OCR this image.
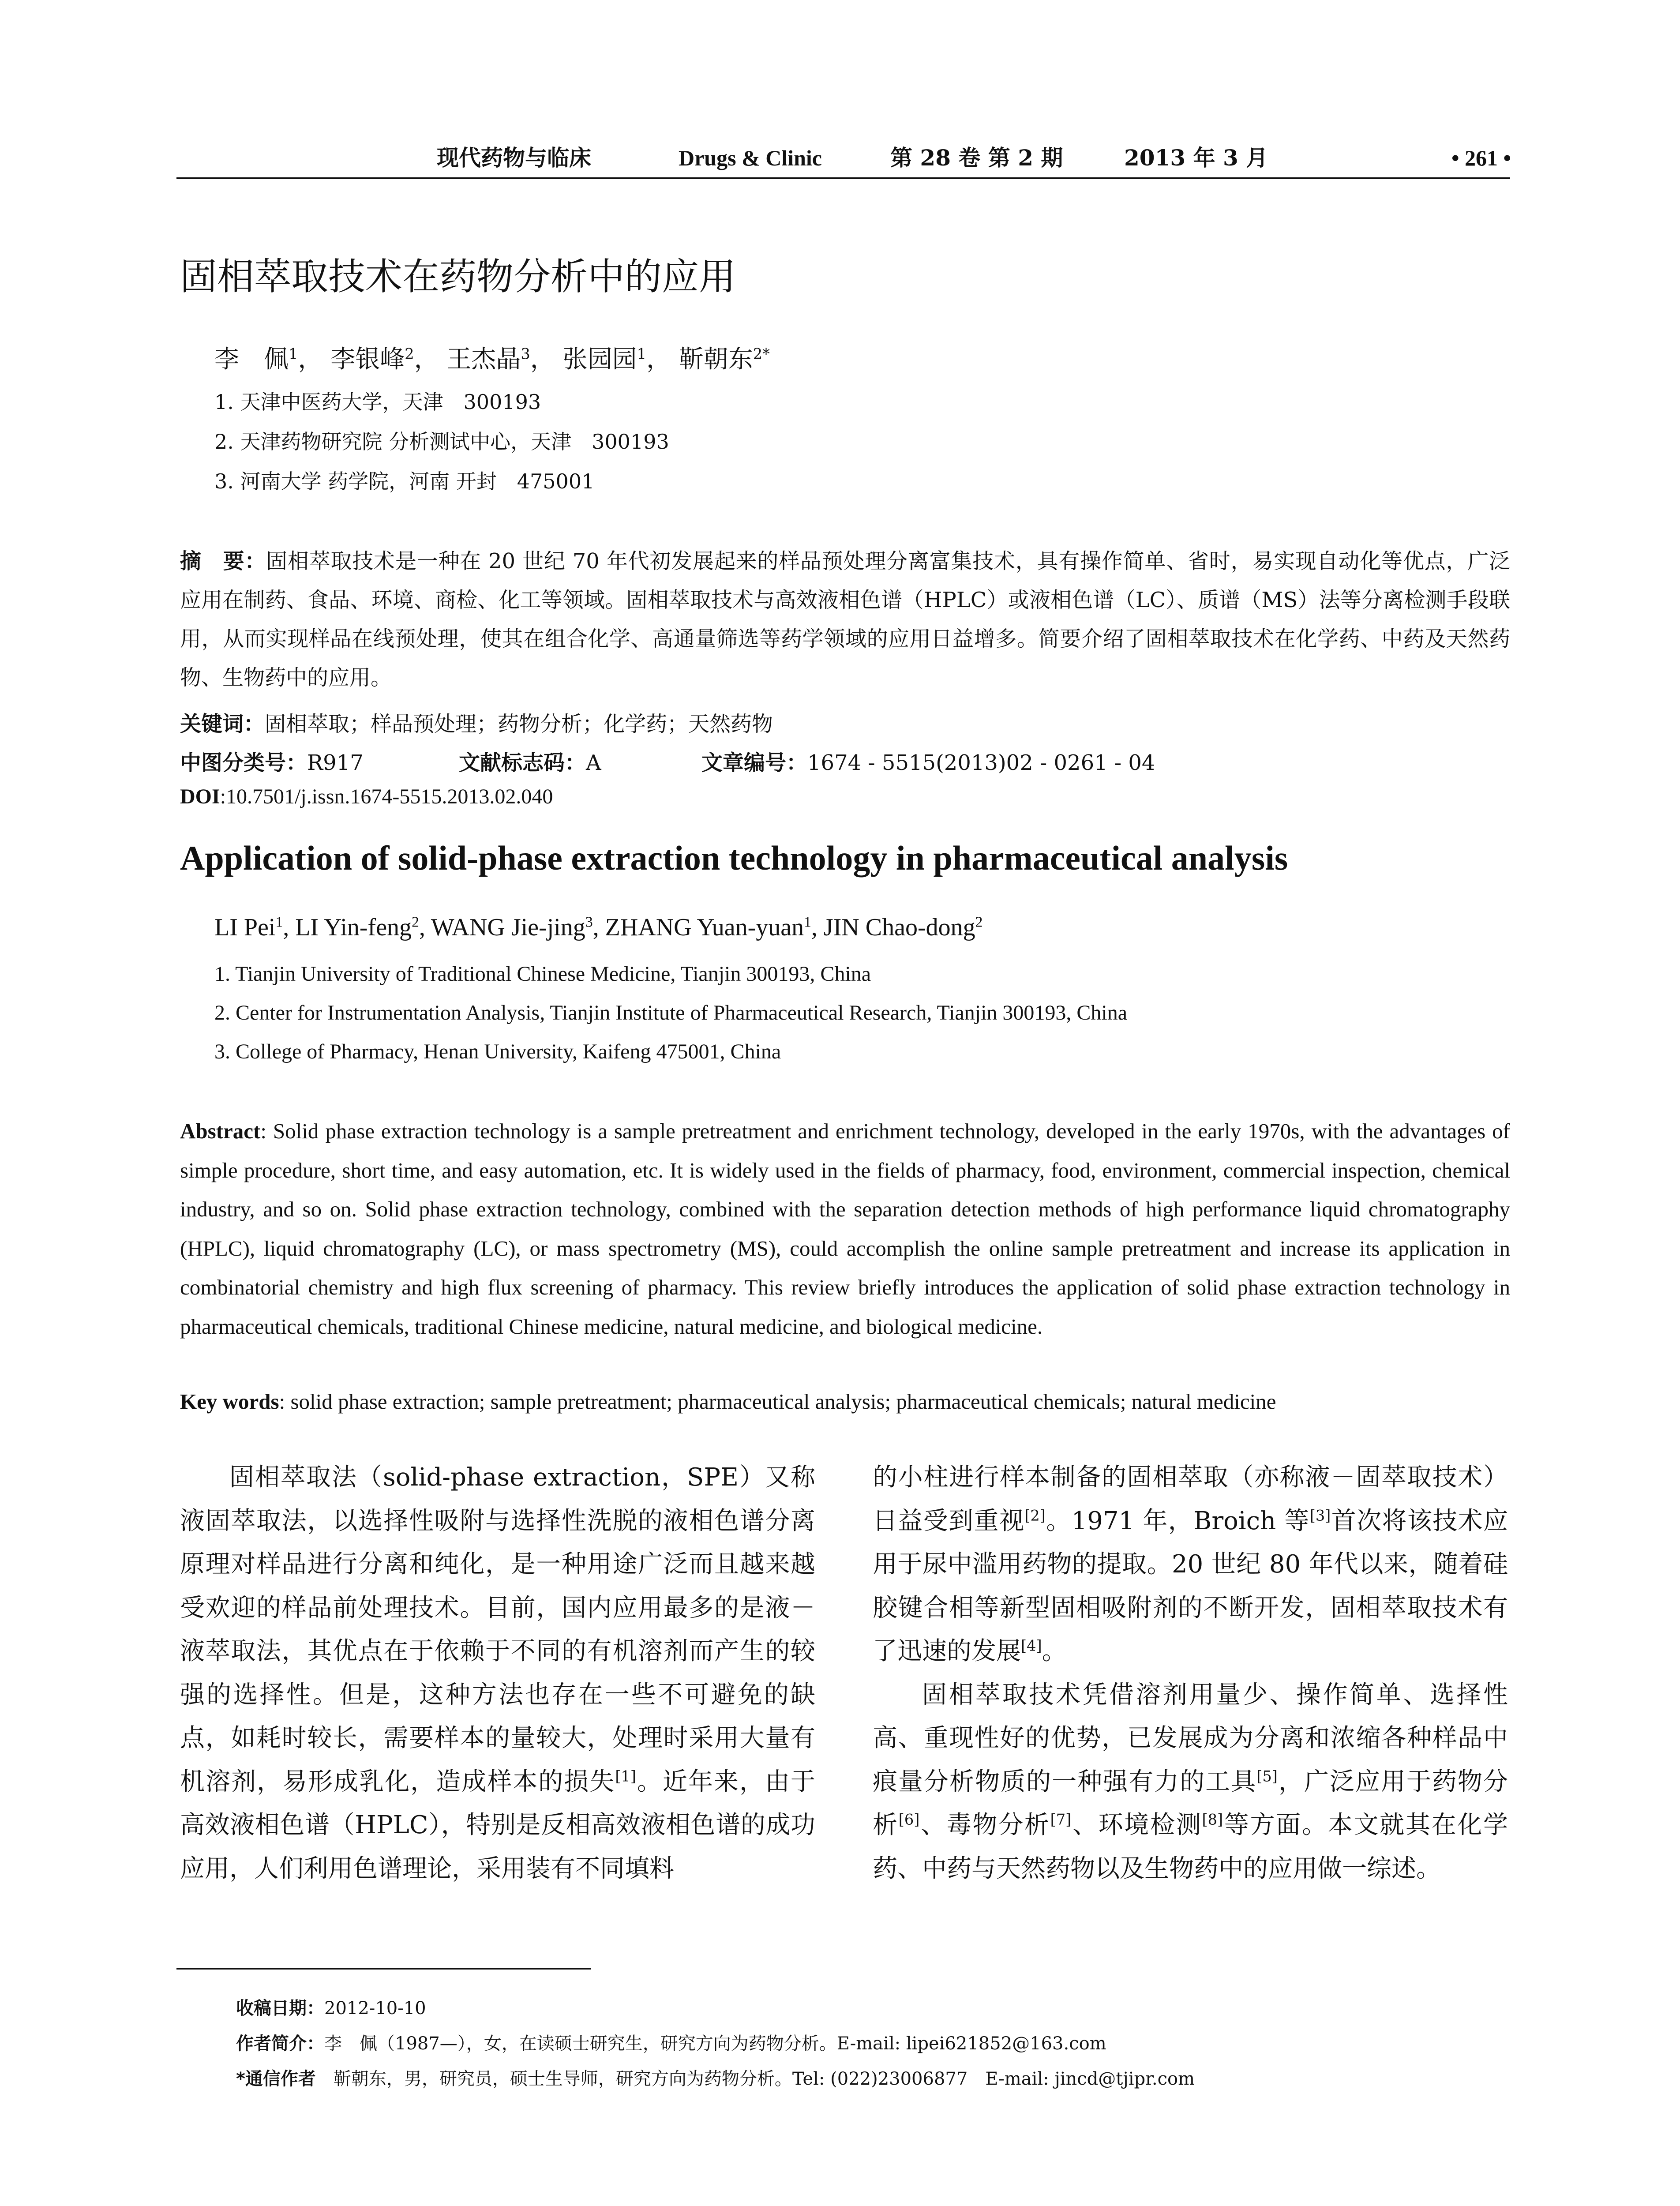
现代药物与临床	Drugs & Clinic	第 28 卷 第 2 期	2013 年 3 月	• 261 •
固相萃取技术在药物分析中的应用
李　佩$^1$， 李银峰$^2$， 王杰晶$^3$， 张园园$^1$， 靳朝东$^{2*}$
1. 天津中医药大学，天津　300193
2. 天津药物研究院 分析测试中心，天津　300193
3. 河南大学 药学院，河南 开封　475001
摘　要：固相萃取技术是一种在 20 世纪 70 年代初发展起来的样品预处理分离富集技术，具有操作简单、省时，易实现自动化等优点，广泛应用在制药、食品、环境、商检、化工等领域。固相萃取技术与高效液相色谱（HPLC）或液相色谱（LC）、质谱（MS）法等分离检测手段联用，从而实现样品在线预处理，使其在组合化学、高通量筛选等药学领域的应用日益增多。简要介绍了固相萃取技术在化学药、中药及天然药物、生物药中的应用。
关键词：固相萃取；样品预处理；药物分析；化学药；天然药物
中图分类号：R917	文献标志码：A	文章编号：1674 - 5515(2013)02 - 0261 - 04
DOI:10.7501/j.issn.1674-5515.2013.02.040
Application of solid-phase extraction technology in pharmaceutical analysis
LI Pei$^1$, LI Yin-feng$^2$, WANG Jie-jing$^3$, ZHANG Yuan-yuan$^1$, JIN Chao-dong$^2$
1. Tianjin University of Traditional Chinese Medicine, Tianjin 300193, China
2. Center for Instrumentation Analysis, Tianjin Institute of Pharmaceutical Research, Tianjin 300193, China
3. College of Pharmacy, Henan University, Kaifeng 475001, China
Abstract: Solid phase extraction technology is a sample pretreatment and enrichment technology, developed in the early 1970s, with the advantages of simple procedure, short time, and easy automation, etc. It is widely used in the fields of pharmacy, food, environment, commercial inspection, chemical industry, and so on. Solid phase extraction technology, combined with the separation detection methods of high performance liquid chromatography (HPLC), liquid chromatography (LC), or mass spectrometry (MS), could accomplish the online sample pretreatment and increase its application in combinatorial chemistry and high flux screening of pharmacy. This review briefly introduces the application of solid phase extraction technology in pharmaceutical chemicals, traditional Chinese medicine, natural medicine, and biological medicine.
Key words: solid phase extraction; sample pretreatment; pharmaceutical analysis; pharmaceutical chemicals; natural medicine

固相萃取法（solid-phase extraction，SPE）又称液固萃取法，以选择性吸附与选择性洗脱的液相色谱分离原理对样品进行分离和纯化，是一种用途广泛而且越来越受欢迎的样品前处理技术。目前，国内应用最多的是液－液萃取法，其优点在于依赖于不同的有机溶剂而产生的较强的选择性。但是，这种方法也存在一些不可避免的缺点，如耗时较长，需要样本的量较大，处理时采用大量有机溶剂，易形成乳化，造成样本的损失[1]。近年来，由于高效液相色谱（HPLC），特别是反相高效液相色谱的成功应用，人们利用色谱理论，采用装有不同填料

的小柱进行样本制备的固相萃取（亦称液－固萃取技术）日益受到重视[2]。1971 年，Broich 等[3]首次将该技术应用于尿中滥用药物的提取。20 世纪 80 年代以来，随着硅胶键合相等新型固相吸附剂的不断开发，固相萃取技术有了迅速的发展[4]。

固相萃取技术凭借溶剂用量少、操作简单、选择性高、重现性好的优势，已发展成为分离和浓缩各种样品中痕量分析物质的一种强有力的工具[5]，广泛应用于药物分析[6]、毒物分析[7]、环境检测[8]等方面。本文就其在化学药、中药与天然药物以及生物药中的应用做一综述。

收稿日期：2012-10-10
作者简介：李　佩（1987—），女，在读硕士研究生，研究方向为药物分析。E-mail: lipei621852@163.com
*通信作者　靳朝东，男，研究员，硕士生导师，研究方向为药物分析。Tel: (022)23006877　E-mail: jincd@tjipr.com
